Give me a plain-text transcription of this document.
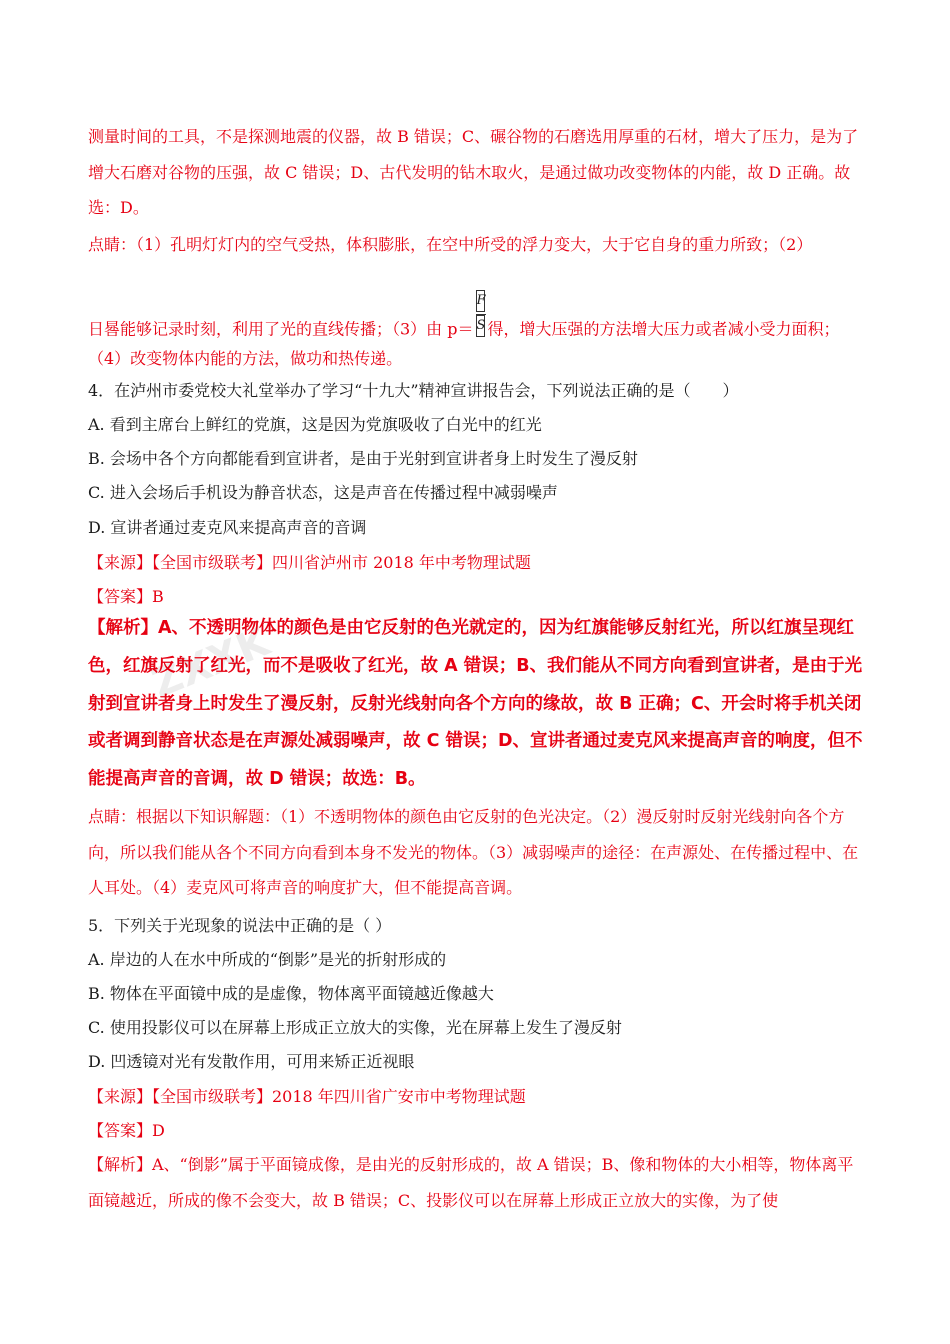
ZXXK

测量时间的工具，不是探测地震的仪器，故 B 错误；C、碾谷物的石磨选用厚重的石材，增大了压力，是为了增大石磨对谷物的压强，故 C 错误；D、古代发明的钻木取火，是通过做功改变物体的内能，故 D 正确。故选：D。

点睛：（1）孔明灯灯内的空气受热，体积膨胀，在空中所受的浮力变大，大于它自身的重力所致；（2）

日晷能够记录时刻，利用了光的直线传播；（3）由 $p= \frac{F}{S}$ 得，增大压强的方法增大压力或者减小受力面积；

（4）改变物体内能的方法，做功和热传递。

4．在泸州市委党校大礼堂举办了学习“十九大”精神宣讲报告会，下列说法正确的是（　　）

A. 看到主席台上鲜红的党旗，这是因为党旗吸收了白光中的红光

B. 会场中各个方向都能看到宣讲者，是由于光射到宣讲者身上时发生了漫反射

C. 进入会场后手机设为静音状态，这是声音在传播过程中减弱噪声

D. 宣讲者通过麦克风来提高声音的音调

【来源】【全国市级联考】四川省泸州市 2018 年中考物理试题

【答案】B

【解析】A、不透明物体的颜色是由它反射的色光就定的，因为红旗能够反射红光，所以红旗呈现红色，红旗反射了红光，而不是吸收了红光，故 A 错误；B、我们能从不同方向看到宣讲者，是由于光射到宣讲者身上时发生了漫反射，反射光线射向各个方向的缘故，故 B 正确；C、开会时将手机关闭或者调到静音状态是在声源处减弱噪声，故 C 错误；D、宣讲者通过麦克风来提高声音的响度，但不能提高声音的音调，故 D 错误；故选：B。

点睛：根据以下知识解题：（1）不透明物体的颜色由它反射的色光决定。（2）漫反射时反射光线射向各个方向，所以我们能从各个不同方向看到本身不发光的物体。（3）减弱噪声的途径：在声源处、在传播过程中、在人耳处。（4）麦克风可将声音的响度扩大，但不能提高音调。

5．下列关于光现象的说法中正确的是（ ）

A. 岸边的人在水中所成的“倒影”是光的折射形成的

B. 物体在平面镜中成的是虚像，物体离平面镜越近像越大

C. 使用投影仪可以在屏幕上形成正立放大的实像，光在屏幕上发生了漫反射

D. 凹透镜对光有发散作用，可用来矫正近视眼

【来源】【全国市级联考】2018 年四川省广安市中考物理试题

【答案】D

【解析】A、“倒影”属于平面镜成像，是由光的反射形成的，故 A 错误；B、像和物体的大小相等，物体离平面镜越近，所成的像不会变大，故 B 错误；C、投影仪可以在屏幕上形成正立放大的实像，为了使
